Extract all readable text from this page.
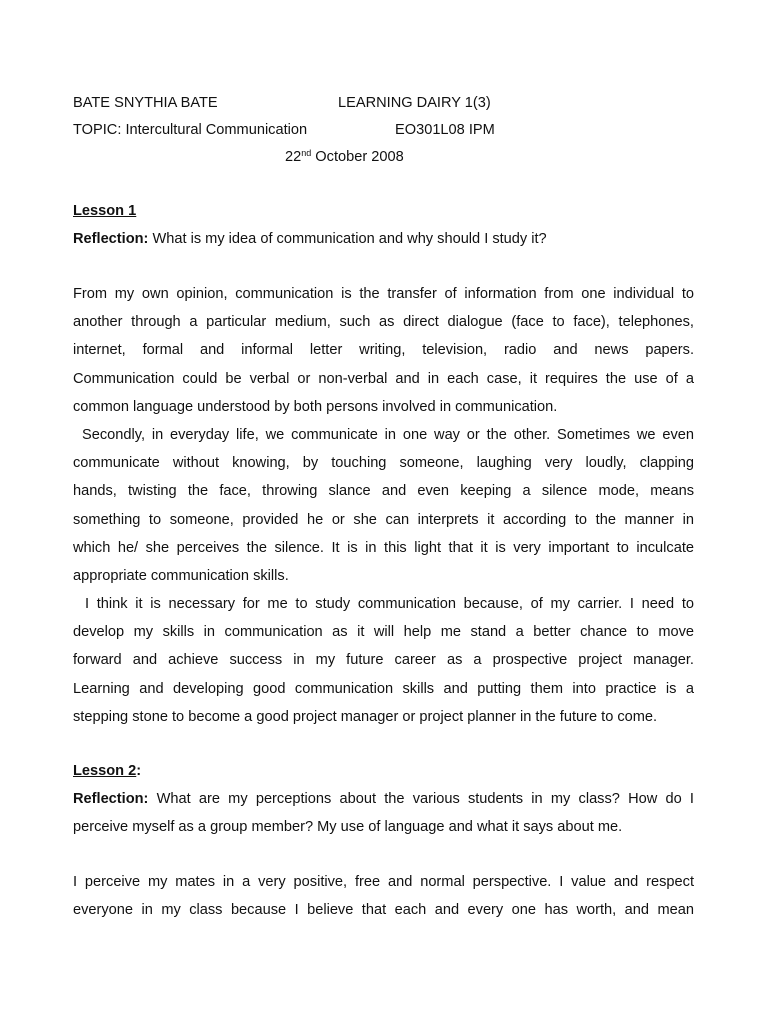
BATE SNYTHIA BATE	LEARNING DAIRY 1(3)
TOPIC: Intercultural Communication	EO301L08 IPM
22nd October 2008
Lesson 1
Reflection: What is my idea of communication and why should I study it?
From my own opinion, communication is the transfer of information from one individual to
another through a particular medium, such as direct dialogue (face to face), telephones,
internet, formal and informal letter writing, television, radio and news papers.
Communication could be verbal or non-verbal and in each case, it requires the use of a
common language understood by both persons involved in communication.
Secondly, in everyday life, we communicate in one way or the other. Sometimes we even
communicate without knowing, by touching someone, laughing very loudly, clapping
hands, twisting the face, throwing slance and even keeping a silence mode, means
something to someone, provided he or she can interprets it according to the manner in
which he/ she perceives the silence. It is in this light that it is very important to inculcate
appropriate communication skills.
I think it is necessary for me to study communication because, of my carrier. I need to
develop my skills in communication as it will help me stand a better chance to move
forward and achieve success in my future career as a prospective project manager.
Learning and developing good communication skills and putting them into practice is a
stepping stone to become a good project manager or project planner in the future to come.
Lesson 2:
Reflection: What are my perceptions about the various students in my class? How do I
perceive myself as a group member? My use of language and what it says about me.
I perceive my mates in a very positive, free and normal perspective. I value and respect
everyone in my class because I believe that each and every one has worth, and mean
